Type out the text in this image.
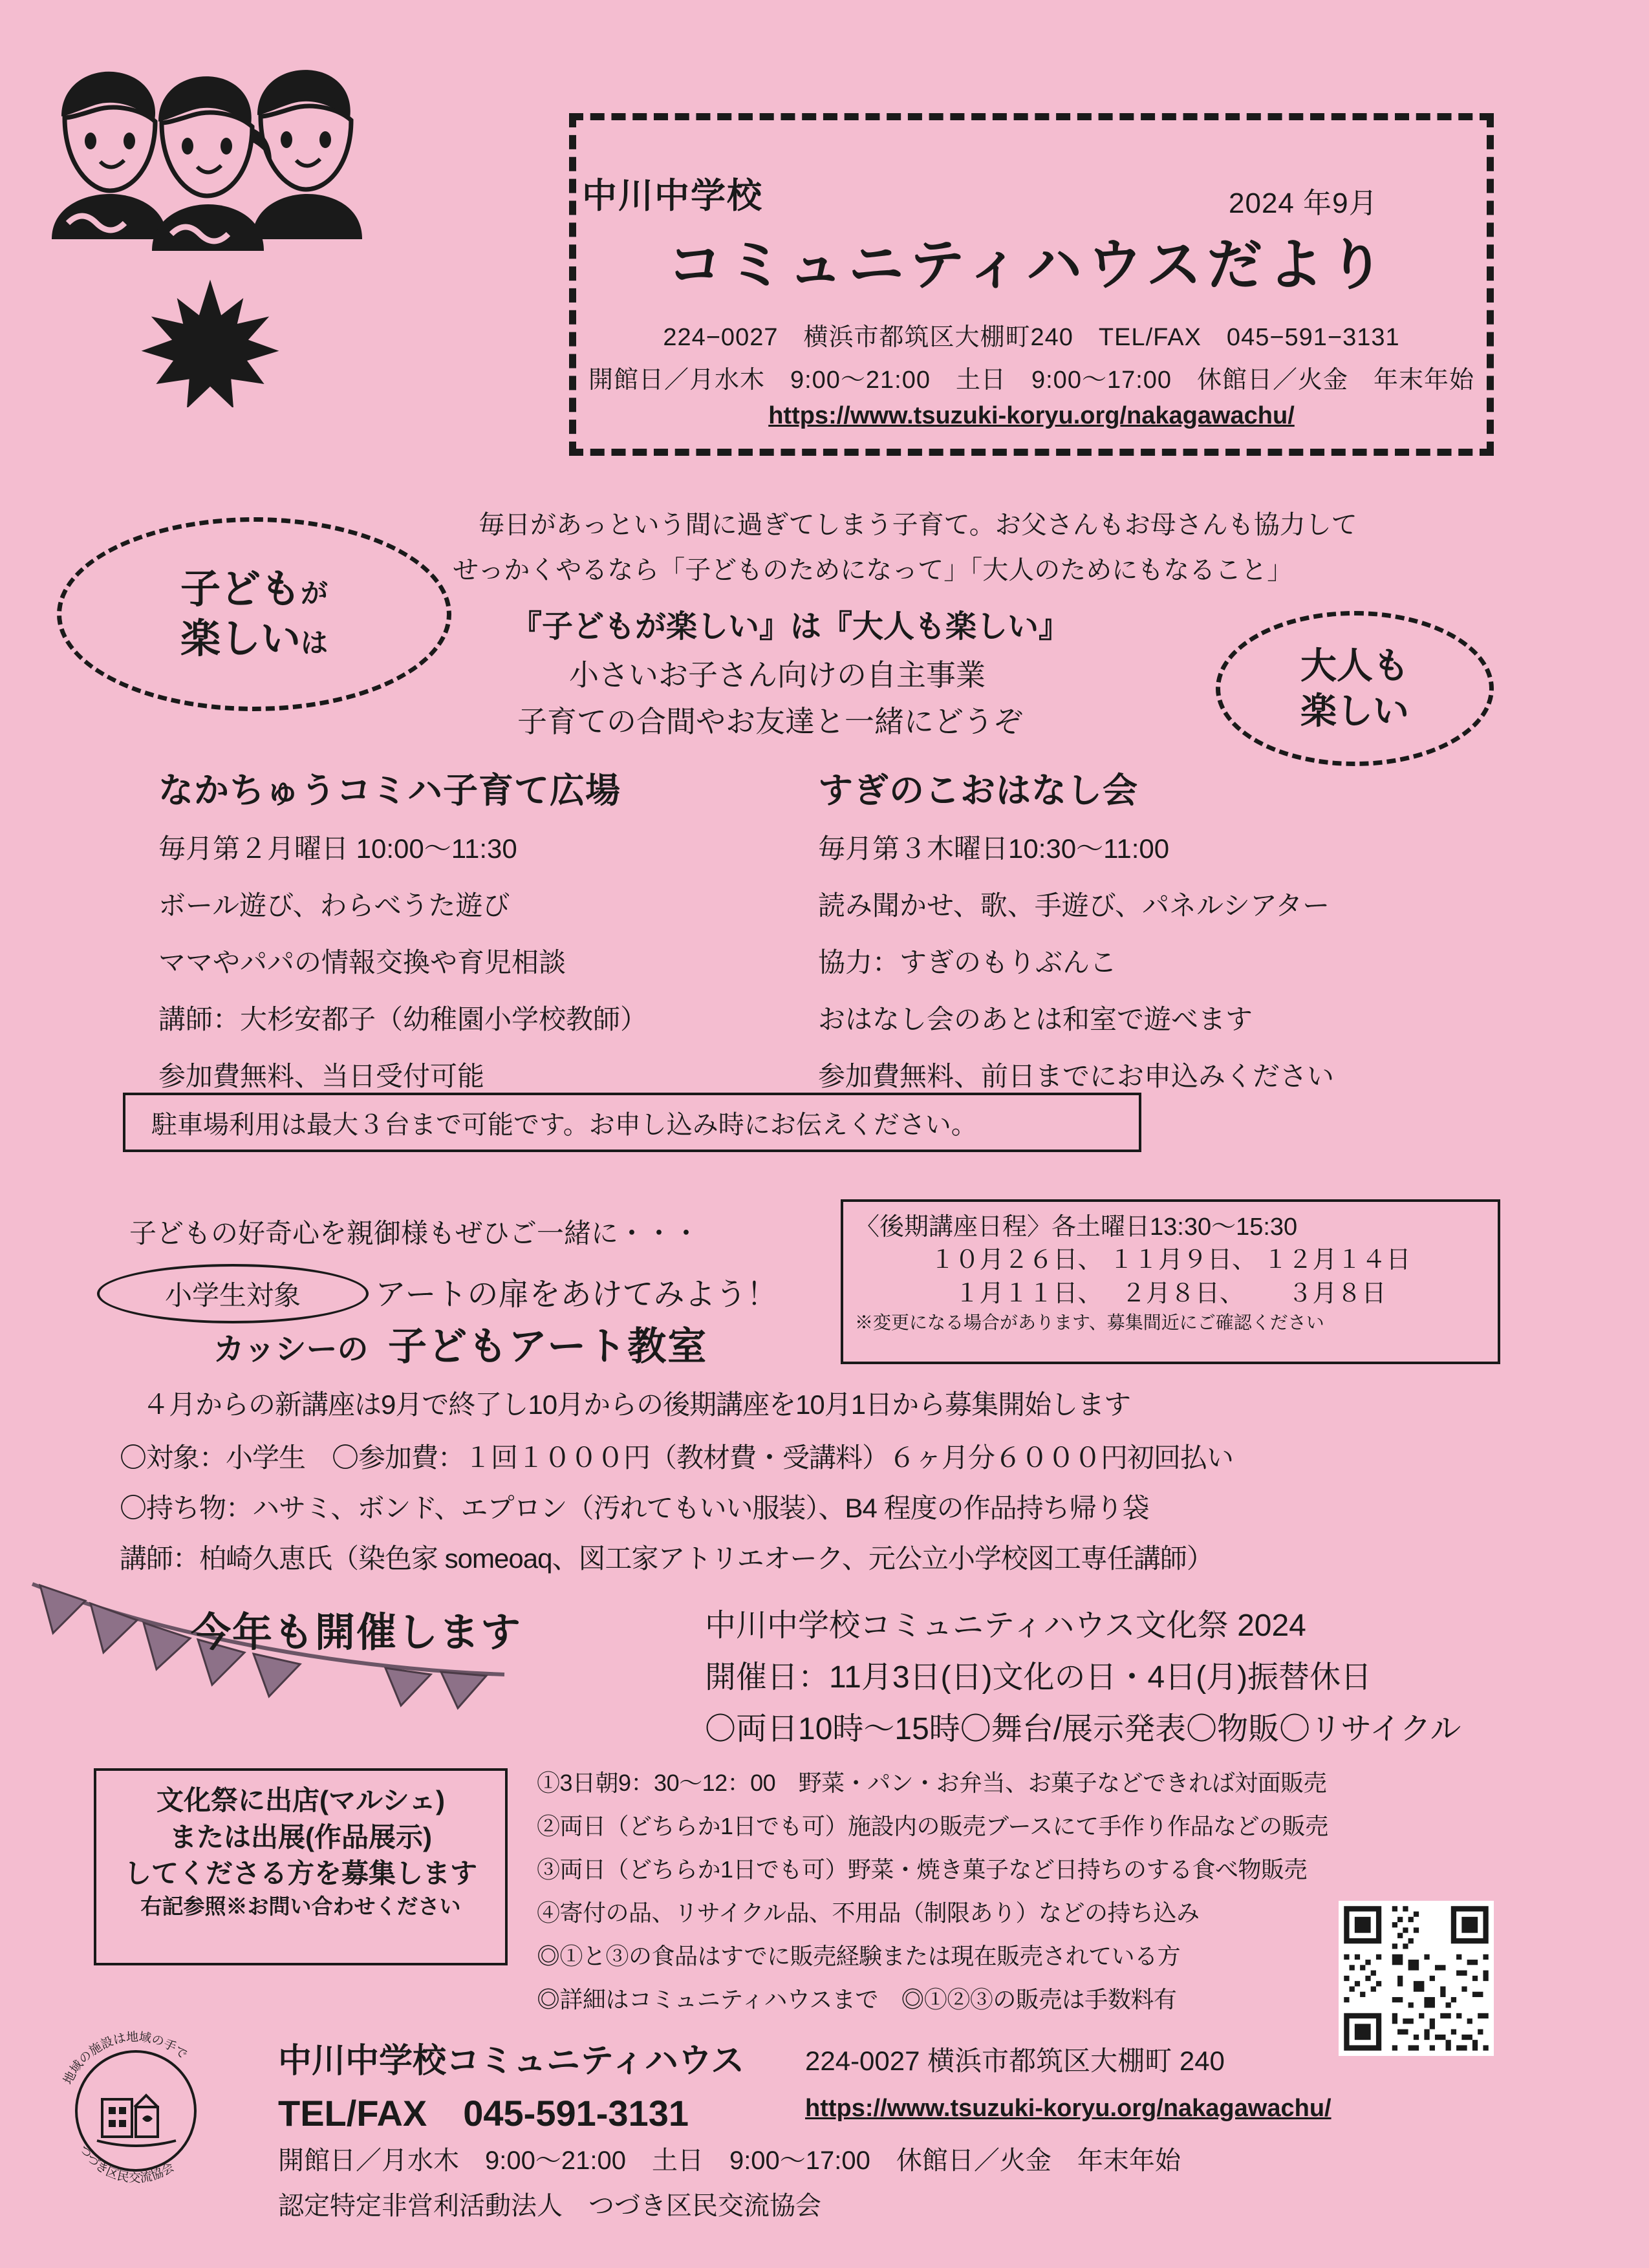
中川中学校	2024 年9月
コミュニティハウスだより
224−0027　横浜市都筑区大棚町240　TEL/FAX　045−591−3131
開館日／月水木　9:00〜21:00　土日　9:00〜17:00　休館日／火金　年末年始
https://www.tsuzuki-koryu.org/nakagawachu/
子どもが
楽しいは
大人も
楽しい
毎日があっという間に過ぎてしまう子育て。お父さんもお母さんも協力して
せっかくやるなら「子どものためになって」「大人のためにもなること」
『子どもが楽しい』は『大人も楽しい』
小さいお子さん向けの自主事業
子育ての合間やお友達と一緒にどうぞ
なかちゅうコミハ子育て広場
毎月第２月曜日 10:00〜11:30
ボール遊び、わらべうた遊び
ママやパパの情報交換や育児相談
講師：大杉安都子（幼稚園小学校教師）
参加費無料、当日受付可能
すぎのこおはなし会
毎月第３木曜日10:30〜11:00
読み聞かせ、歌、手遊び、パネルシアター
協力：すぎのもりぶんこ
おはなし会のあとは和室で遊べます
参加費無料、前日までにお申込みください
駐車場利用は最大３台まで可能です。お申し込み時にお伝えください。
子どもの好奇心を親御様もぜひご一緒に・・・
小学生対象	アートの扉をあけてみよう！
カッシーの 子どもアート教室
〈後期講座日程〉各土曜日13:30〜15:30
１０月２６日、 １１月９日、 １２月１４日
１月１１日、　 ２月８日、　　 ３月８日
※変更になる場合があります、募集間近にご確認ください
４月からの新講座は9月で終了し10月からの後期講座を10月1日から募集開始します
〇対象：小学生　〇参加費：１回１０００円（教材費・受講料）６ヶ月分６０００円初回払い
〇持ち物：ハサミ、ボンド、エプロン（汚れてもいい服装）、B4 程度の作品持ち帰り袋
講師：柏崎久恵氏（染色家 someoaq、図工家アトリエオーク、元公立小学校図工専任講師）
今年も開催します	中川中学校コミュニティハウス文化祭 2024
開催日：11月3日(日)文化の日・4日(月)振替休日
〇両日10時〜15時〇舞台/展示発表〇物販〇リサイクル
文化祭に出店(マルシェ)
または出展(作品展示)
してくださる方を募集します
右記参照※お問い合わせください
①3日朝9：30〜12：00　野菜・パン・お弁当、お菓子などできれば対面販売
②両日（どちらか1日でも可）施設内の販売ブースにて手作り作品などの販売
③両日（どちらか1日でも可）野菜・焼き菓子など日持ちのする食べ物販売
④寄付の品、リサイクル品、不用品（制限あり）などの持ち込み
◎①と③の食品はすでに販売経験または現在販売されている方
◎詳細はコミュニティハウスまで　◎①②③の販売は手数料有
地域の施設は地域の手で
つづき区民交流協会
中川中学校コミュニティハウス 224-0027 横浜市都筑区大棚町 240
TEL/FAX　045-591-3131	https://www.tsuzuki-koryu.org/nakagawachu/
開館日／月水木　9:00〜21:00　土日　9:00〜17:00　休館日／火金　年末年始
認定特定非営利活動法人　つづき区民交流協会
